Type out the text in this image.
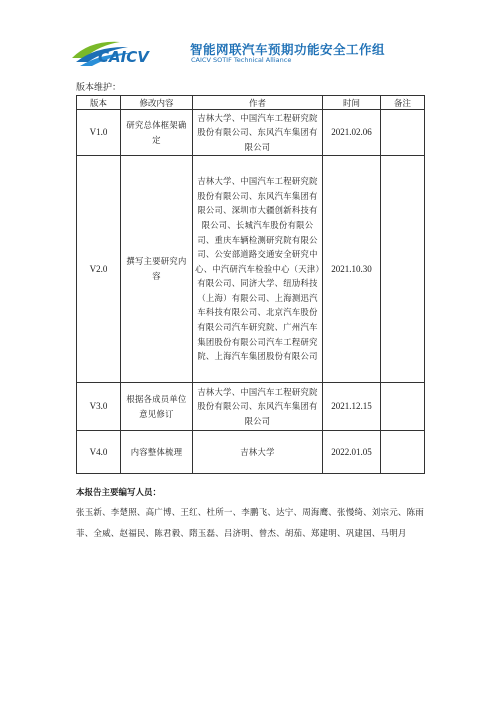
CAICV	智能网联汽车预期功能安全工作组
CAICV SOTIF Technical Alliance
版本维护：
版本	修改内容	作者	时间	备注
V1.0	研究总体框架确定	吉林大学、中国汽车工程研究院股份有限公司、东风汽车集团有限公司	2021.02.06	
V2.0	撰写主要研究内容	吉林大学、中国汽车工程研究院股份有限公司、东风汽车集团有限公司、深圳市大疆创新科技有限公司、长城汽车股份有限公司、重庆车辆检测研究院有限公司、公安部道路交通安全研究中心、中汽研汽车检验中心（天津）有限公司、同济大学、纽劢科技（上海）有限公司、上海测迅汽车科技有限公司、北京汽车股份有限公司汽车研究院、广州汽车集团股份有限公司汽车工程研究院、上海汽车集团股份有限公司	2021.10.30	
V3.0	根据各成员单位意见修订	吉林大学、中国汽车工程研究院股份有限公司、东风汽车集团有限公司	2021.12.15	
V4.0	内容整体梳理	吉林大学	2022.01.05	
本报告主要编写人员：
张玉新、李楚照、高广博、王红、杜所一、李鹏飞、达宁、周海鹰、张慢绮、刘宗元、陈雨菲、全威、赵福民、陈君毅、隋玉磊、吕济明、曾杰、胡茄、郑建明、巩建国、马明月
